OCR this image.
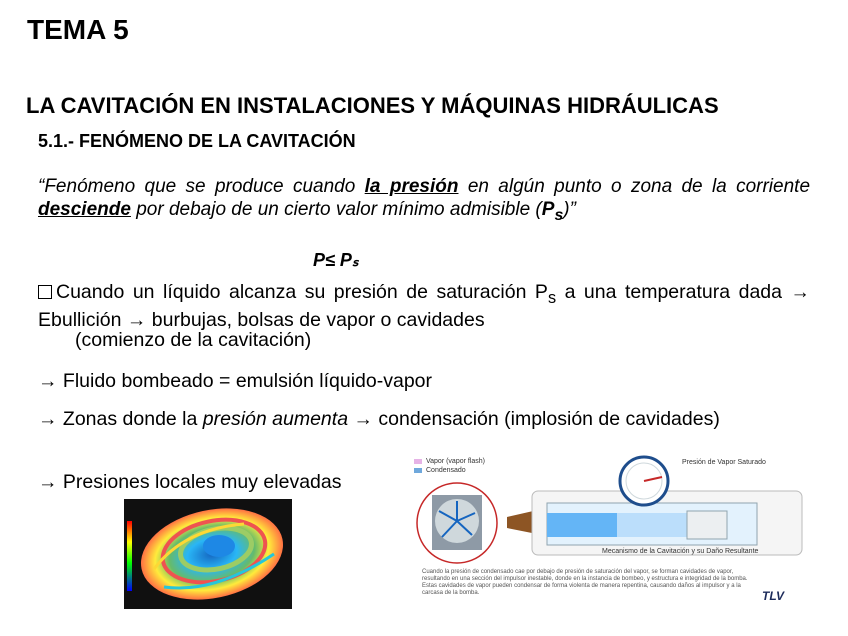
TEMA 5
LA CAVITACIÓN EN INSTALACIONES Y MÁQUINAS HIDRÁULICAS
5.1.- FENÓMENO DE LA CAVITACIÓN
“Fenómeno que se produce cuando la presión en algún punto o zona de la corriente desciende por debajo de un cierto valor mínimo admisible $(P_s)$”
P≤ Pₛ
Cuando un líquido alcanza su presión de saturación $P_s$ a una temperatura dada → Ebullición → burbujas, bolsas de vapor o cavidades
(comienzo de la cavitación)
→ Fluido bombeado = emulsión líquido-vapor
→ Zonas donde la presión aumenta → condensación (implosión de cavidades)
→ Presiones locales muy elevadas
Vapor (vapor flash)
Condensado
Presión de Vapor Saturado
Mecanismo de la Cavitación y su Daño Resultante
Cuando la presión de condensado cae por debajo de presión de saturación del vapor, se forman cavidades de vapor, resultando en una sección del impulsor inestable, donde en la instancia de bombeo, y estructura e integridad de la bomba. Estas cavidades de vapor pueden condensar de forma violenta de manera repentina, causando daños al impulsor y a la carcasa de la bomba.	TLV
